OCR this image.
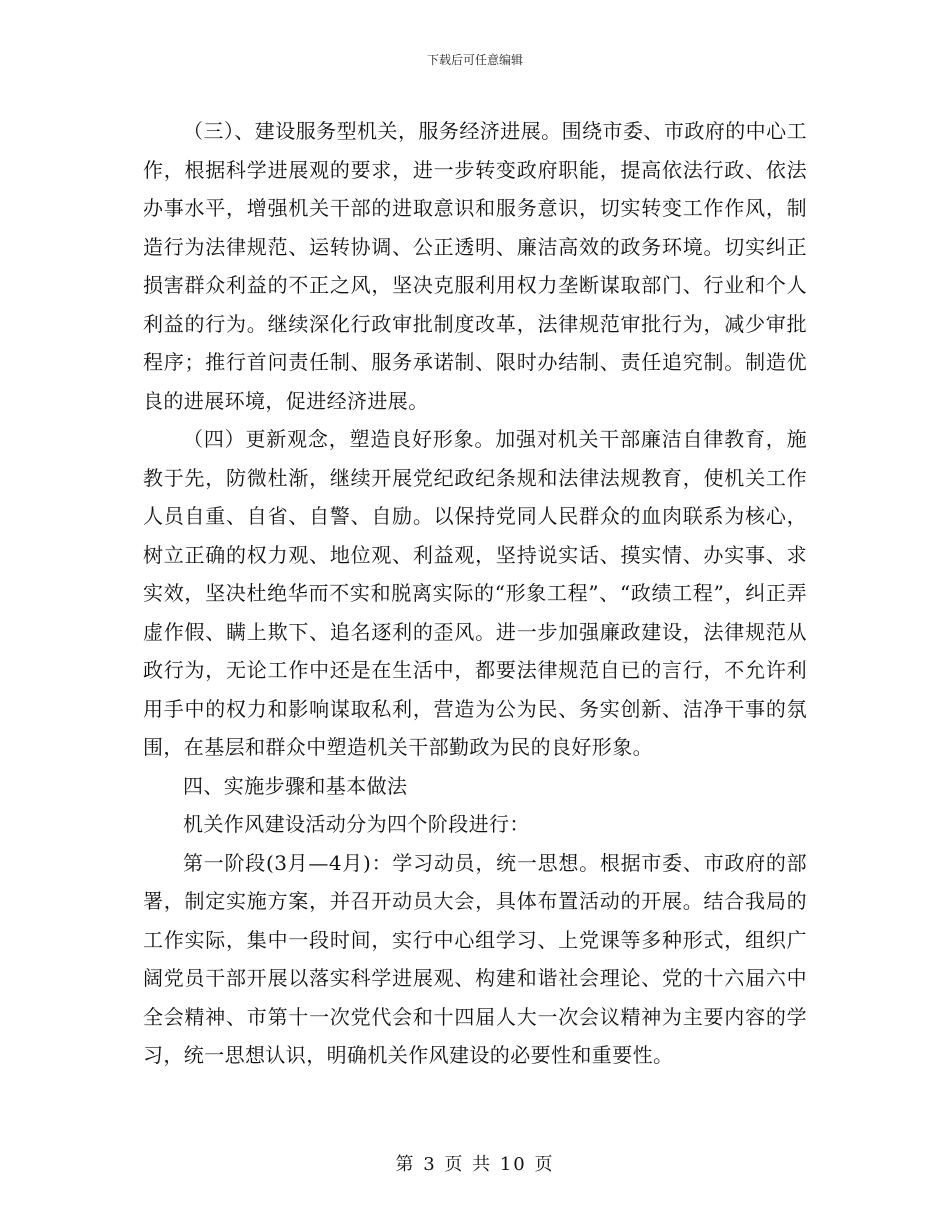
下载后可任意编辑

（三）、建设服务型机关，服务经济进展。围绕市委、市政府的中心工作，根据科学进展观的要求，进一步转变政府职能，提高依法行政、依法办事水平，增强机关干部的进取意识和服务意识，切实转变工作作风，制造行为法律规范、运转协调、公正透明、廉洁高效的政务环境。切实纠正损害群众利益的不正之风，坚决克服利用权力垄断谋取部门、行业和个人利益的行为。继续深化行政审批制度改革，法律规范审批行为，减少审批程序；推行首问责任制、服务承诺制、限时办结制、责任追究制。制造优良的进展环境，促进经济进展。

（四）更新观念，塑造良好形象。加强对机关干部廉洁自律教育，施教于先，防微杜渐，继续开展党纪政纪条规和法律法规教育，使机关工作人员自重、自省、自警、自励。以保持党同人民群众的血肉联系为核心，树立正确的权力观、地位观、利益观，坚持说实话、摸实情、办实事、求实效，坚决杜绝华而不实和脱离实际的“形象工程”、“政绩工程”，纠正弄虚作假、瞒上欺下、追名逐利的歪风。进一步加强廉政建设，法律规范从政行为，无论工作中还是在生活中，都要法律规范自已的言行，不允许利用手中的权力和影响谋取私利，营造为公为民、务实创新、洁净干事的氛围，在基层和群众中塑造机关干部勤政为民的良好形象。

四、实施步骤和基本做法

机关作风建设活动分为四个阶段进行：

第一阶段(3月—4月)：学习动员，统一思想。根据市委、市政府的部署，制定实施方案，并召开动员大会，具体布置活动的开展。结合我局的工作实际，集中一段时间，实行中心组学习、上党课等多种形式，组织广阔党员干部开展以落实科学进展观、构建和谐社会理论、党的十六届六中全会精神、市第十一次党代会和十四届人大一次会议精神为主要内容的学习，统一思想认识，明确机关作风建设的必要性和重要性。

第 3 页 共 10 页
